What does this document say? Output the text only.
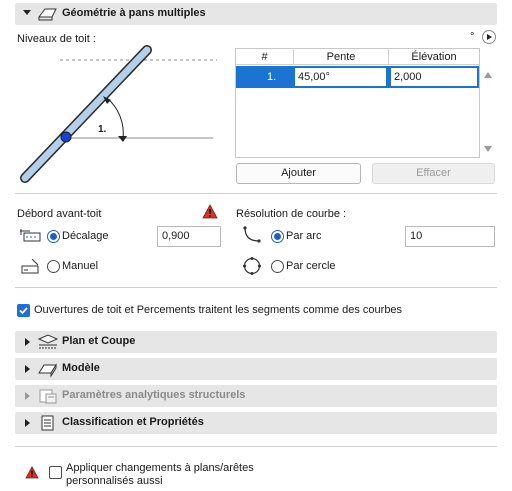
Géométrie à pans multiples
Niveaux de toit :	°
1.
#	Pente	Élévation
1. 45,00°	2,000
Ajouter	Effacer
Débord avant-toit
Décalage	0,900
Manuel
Résolution de courbe :
Par arc	10
Par cercle
Ouvertures de toit et Percements traitent les segments comme des courbes
Plan et Coupe
Modèle
Paramètres analytiques structurels
Classification et Propriétés
Appliquer changements à plans/arêtes
personnalisés aussi
